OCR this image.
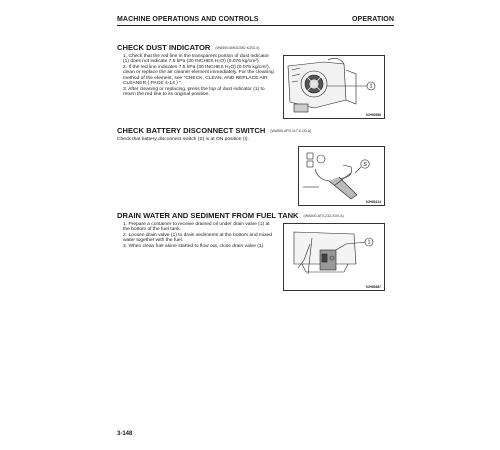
MACHINE OPERATIONS AND CONTROLS	OPERATION
CHECK DUST INDICATOR (WA500-6M02/280-K303-4)
1. Check that the red line in the transparent portion of dust indicator (1) does not indicate 7.5 kPa (30 INCHES H₂O) (0.076 kg/cm²).
2. If the red line indicates 7.5 kPa (30 INCHES H₂O) (0.076 kg/cm²), clean or replace the air cleaner element immediately. For the cleaning method of the element, see "CHECK, CLEAN, AND REPLACE AIR CLEANER ( PAGE 4-14 ) ".
3. After cleaning or replacing, press the top of dust indicator (1) to return the red line to its original position.
1
9JH00598
CHECK BATTERY DISCONNECT SWITCH (WA500-6P0-117-K-00-A)
Check that battery disconnect switch (S) is at ON position (I).
S
9JH00414
DRAIN WATER AND SEDIMENT FROM FUEL TANK (WA500-AT0-Z33-K00-A)
1. Prepare a container to receive drained oil under drain valve (1) at the bottom of the fuel tank.
2. Loosen drain valve (1) to drain sediments at the bottom and mixed water together with the fuel.
3. When clean fuel alone started to flow out, close drain valve (1).
1
9JH00487
3-148
